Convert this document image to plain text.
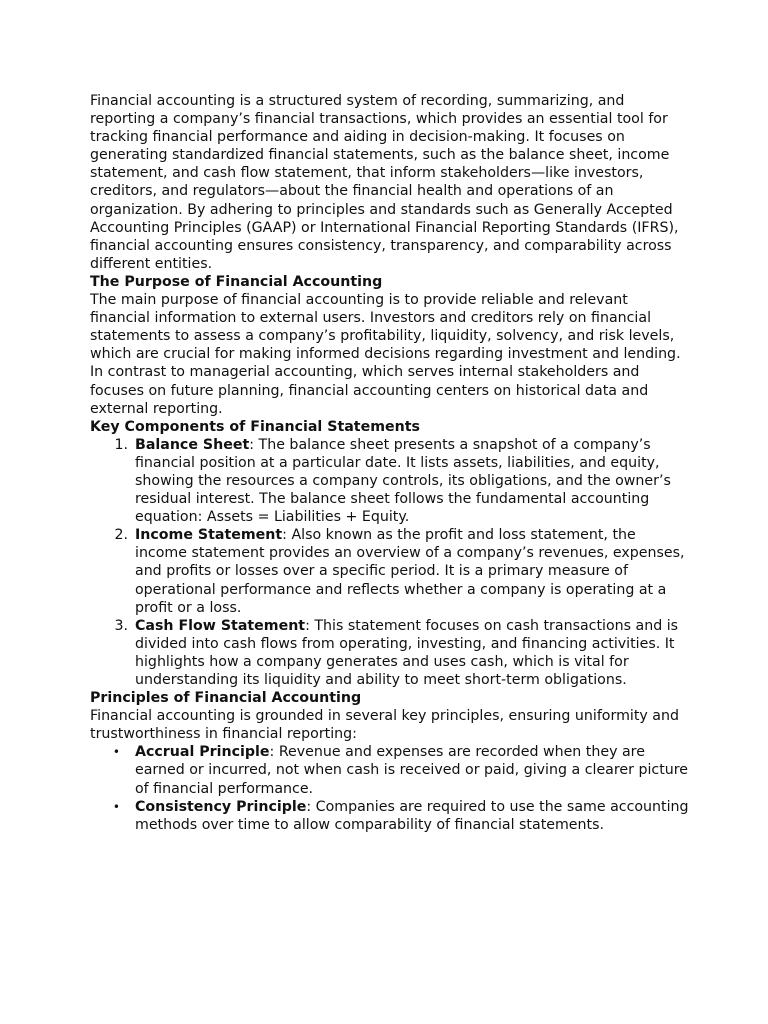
Financial accounting is a structured system of recording, summarizing, and reporting a company’s financial transactions, which provides an essential tool for tracking financial performance and aiding in decision-making. It focuses on generating standardized financial statements, such as the balance sheet, income statement, and cash flow statement, that inform stakeholders—like investors, creditors, and regulators—about the financial health and operations of an organization. By adhering to principles and standards such as Generally Accepted Accounting Principles (GAAP) or International Financial Reporting Standards (IFRS), financial accounting ensures consistency, transparency, and comparability across different entities.

The Purpose of Financial Accounting

The main purpose of financial accounting is to provide reliable and relevant financial information to external users. Investors and creditors rely on financial statements to assess a company’s profitability, liquidity, solvency, and risk levels, which are crucial for making informed decisions regarding investment and lending. In contrast to managerial accounting, which serves internal stakeholders and focuses on future planning, financial accounting centers on historical data and external reporting.

Key Components of Financial Statements
1. Balance Sheet: The balance sheet presents a snapshot of a company’s financial position at a particular date. It lists assets, liabilities, and equity, showing the resources a company controls, its obligations, and the owner’s residual interest. The balance sheet follows the fundamental accounting equation: Assets = Liabilities + Equity.
2. Income Statement: Also known as the profit and loss statement, the income statement provides an overview of a company’s revenues, expenses, and profits or losses over a specific period. It is a primary measure of operational performance and reflects whether a company is operating at a profit or a loss.
3. Cash Flow Statement: This statement focuses on cash transactions and is divided into cash flows from operating, investing, and financing activities. It highlights how a company generates and uses cash, which is vital for understanding its liquidity and ability to meet short-term obligations.
Principles of Financial Accounting

Financial accounting is grounded in several key principles, ensuring uniformity and trustworthiness in financial reporting:

• Accrual Principle: Revenue and expenses are recorded when they are earned or incurred, not when cash is received or paid, giving a clearer picture of financial performance.
• Consistency Principle: Companies are required to use the same accounting methods over time to allow comparability of financial statements.
